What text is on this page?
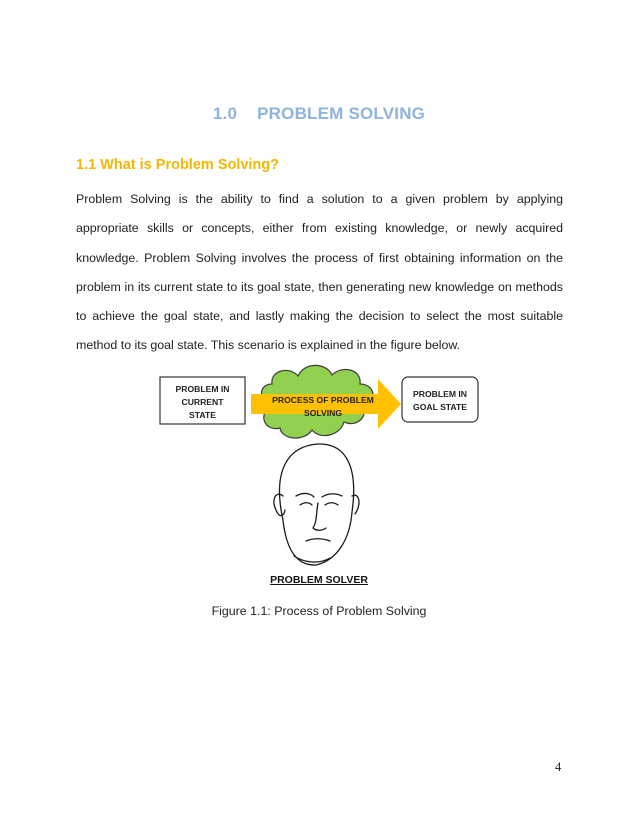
1.0 PROBLEM SOLVING
1.1 What is Problem Solving?
Problem Solving is the ability to find a solution to a given problem by applying
appropriate skills or concepts, either from existing knowledge, or newly acquired
knowledge. Problem Solving involves the process of first obtaining information on the
problem in its current state to its goal state, then generating new knowledge on methods
to achieve the goal state, and lastly making the decision to select the most suitable
method to its goal state. This scenario is explained in the figure below.
PROBLEM IN
CURRENT
STATE
PROCESS OF PROBLEM
SOLVING
PROBLEM IN
GOAL STATE
PROBLEM SOLVER
Figure 1.1: Process of Problem Solving
4
